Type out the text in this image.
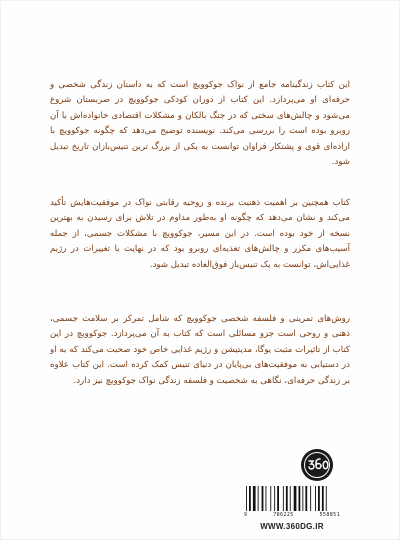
این کتاب زندگینامه جامع از نواک جوکوویچ است که به داستان زندگی شخصی و حرفه‌ای او می‌پردازد. این کتاب از دوران کودکی جوکوویچ در صربستان شروع می‌شود و چالش‌های سختی که در جنگ بالکان و مشکلات اقتصادی خانواده‌اش با آن روبرو بوده است را بررسی می‌کند. نویسنده توضیح می‌دهد که چگونه جوکوویچ با اراده‌ای قوی و پشتکار فراوان توانست به یکی از بزرگ ترین تنیس‌بازان تاریخ تبدیل شود.

کتاب همچنین بر اهمیت ذهنیت برنده و روحیه رقابتی نواک در موفقیت‌هایش تأکید می‌کند و نشان می‌دهد که چگونه او به‌طور مداوم در تلاش برای رسیدن به بهترین نسخه از خود بوده است. در این مسیر، جوکوویچ با مشکلات جسمی، از جمله آسیب‌های مکرر و چالش‌های تغذیه‌ای روبرو بود که در نهایت با تغییرات در رژیم غذایی‌اش، توانست به یک تنیس‌باز فوق‌العاده تبدیل شود.

روش‌های تمرینی و فلسفه شخصی جوکوویچ که شامل تمرکز بر سلامت جسمی، ذهنی و روحی است جزو مسائلی است که کتاب به آن می‌پردازد. جوکوویچ در این کتاب از تاثیرات مثبت یوگا، مدیتیشن و رژیم غذایی خاص خود صحبت می‌کند که به او در دستیابی به موفقیت‌های بی‌پایان در دنیای تنیس کمک کرده است. این کتاب علاوه بر زندگی حرفه‌ای، نگاهی به شخصیت و فلسفه زندگی نواک جوکوویچ نیز دارد.

9	786225	558851
WWW.360DG.IR
